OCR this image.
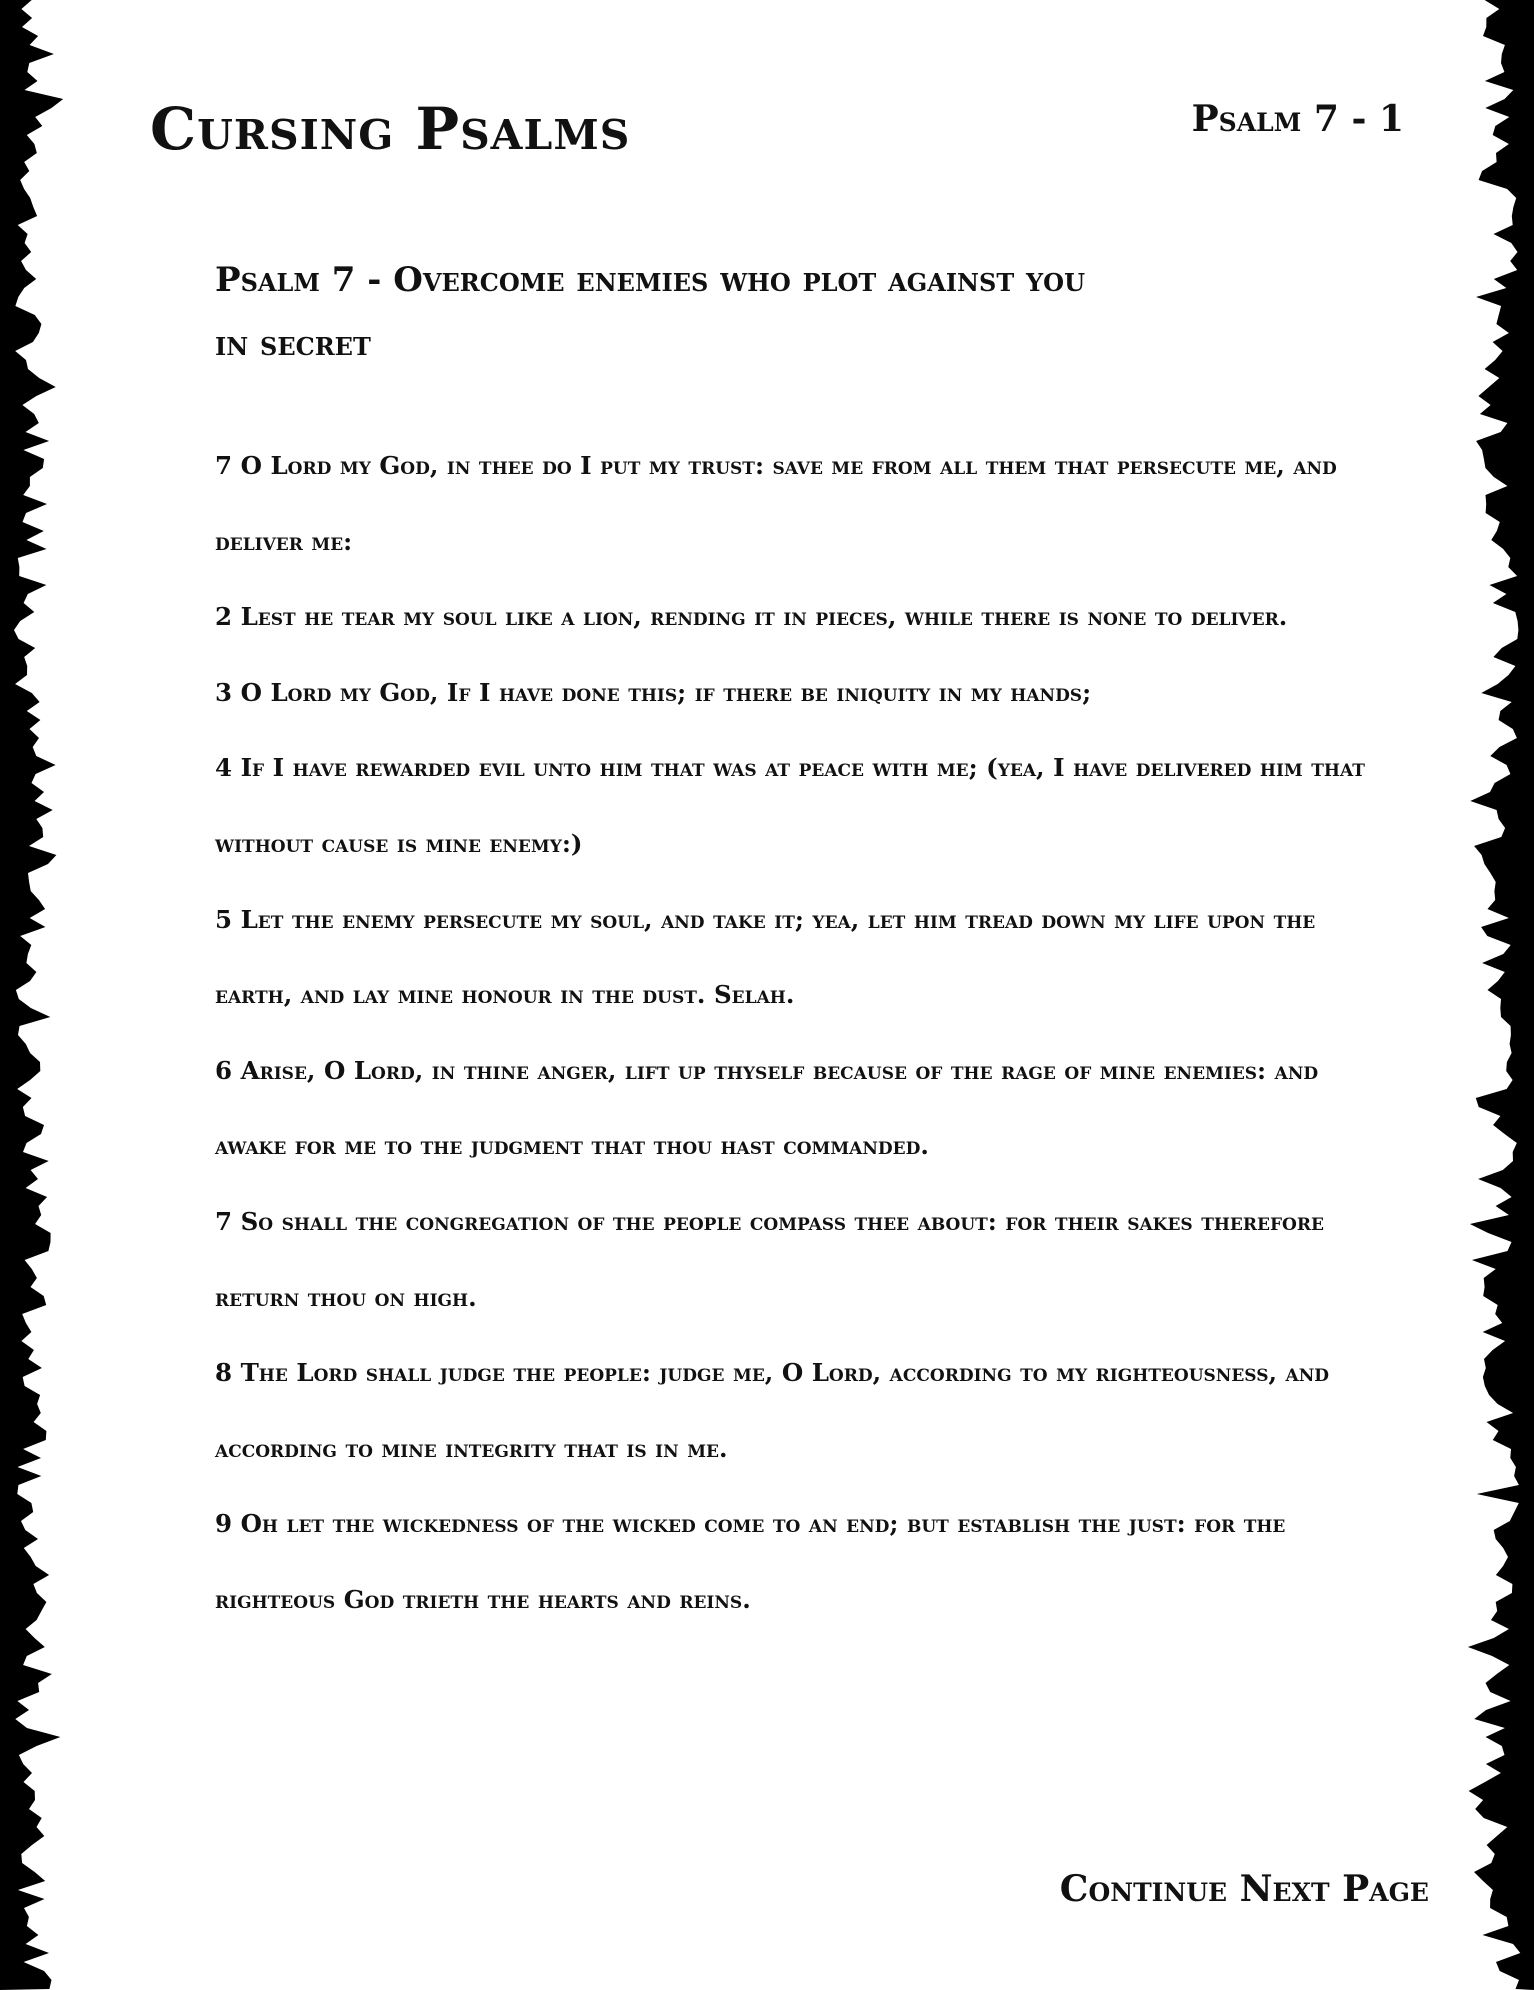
Cursing Psalms	Psalm 7 - 1
Psalm 7 - Overcome enemies who plot against you
in secret

7 O Lord my God, in thee do I put my trust: save me from all them that persecute me, and deliver me:

2 Lest he tear my soul like a lion, rending it in pieces, while there is none to deliver.

3 O Lord my God, If I have done this; if there be iniquity in my hands;

4 If I have rewarded evil unto him that was at peace with me; (yea, I have delivered him that without cause is mine enemy:)

5 Let the enemy persecute my soul, and take it; yea, let him tread down my life upon the earth, and lay mine honour in the dust. Selah.

6 Arise, O Lord, in thine anger, lift up thyself because of the rage of mine enemies: and awake for me to the judgment that thou hast commanded.

7 So shall the congregation of the people compass thee about: for their sakes therefore return thou on high.

8 The Lord shall judge the people: judge me, O Lord, according to my righteousness, and according to mine integrity that is in me.

9 Oh let the wickedness of the wicked come to an end; but establish the just: for the righteous God trieth the hearts and reins.

Continue Next Page
